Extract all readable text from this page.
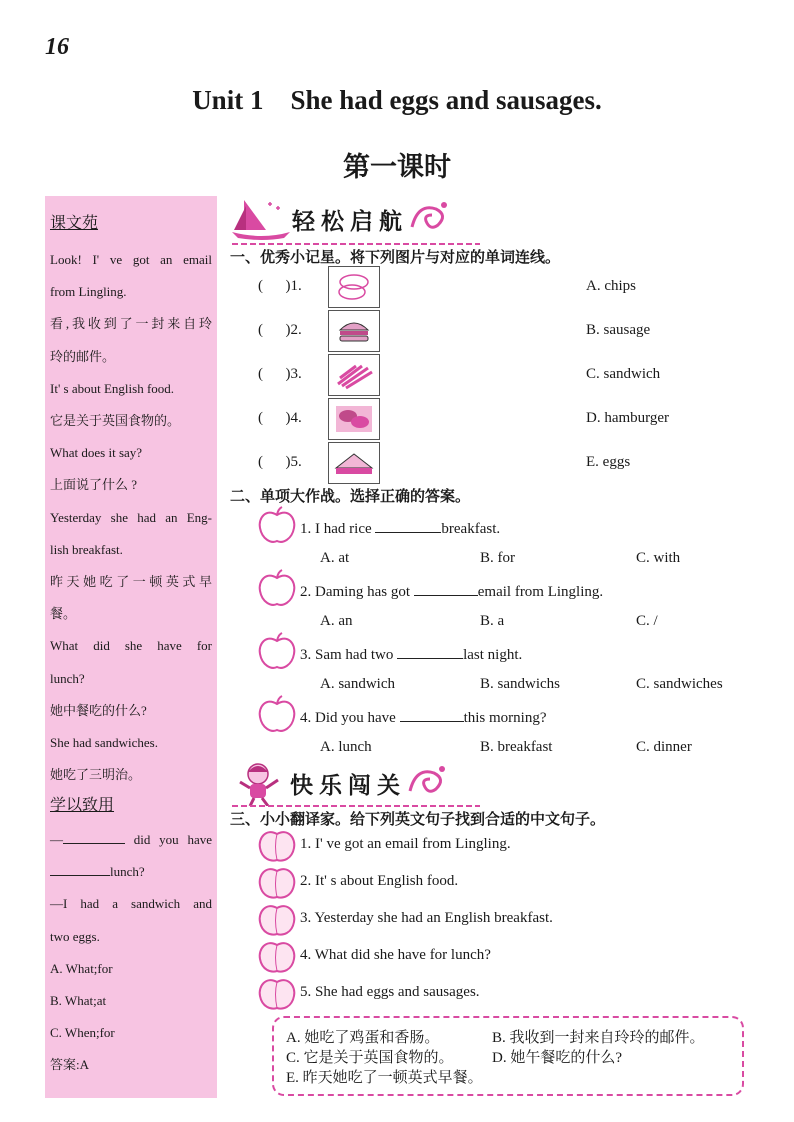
16
Unit 1    She had eggs and sausages.
第一课时
课文苑
Look! I' ve got an email
from Lingling.
看,我收到了一封来自玲
玲的邮件。
It' s about English food.
它是关于英国食物的。
What does it say?
上面说了什么 ?
Yesterday she had an Eng-
lish breakfast.
昨天她吃了一顿英式早
餐。
What did she have for
lunch?
她中餐吃的什么?
She had sandwiches.
她吃了三明治。
学以致用
—	did you have
lunch?
—I had a sandwich and
two eggs.
A. What;for
B. What;at
C. When;for
答案:A
轻松启航
一、优秀小记星。将下列图片与对应的单词连线。
(      )1.	A. chips
(      )2.	B. sausage
(      )3.	C. sandwich
(      )4.	D. hamburger
(      )5.	E. eggs
二、单项大作战。选择正确的答案。
1. I had rice	breakfast.
A. at	B. for	C. with
2. Daming has got	email from Lingling.
A. an	B. a	C. /
3. Sam had two	last night.
A. sandwich	B. sandwichs	C. sandwiches
4. Did you have	this morning?
A. lunch	B. breakfast	C. dinner
快乐闯关
三、小小翻译家。给下列英文句子找到合适的中文句子。
1. I' ve got an email from Lingling.
2. It' s about English food.
3. Yesterday she had an English breakfast.
4. What did she have for lunch?
5. She had eggs and sausages.
A. 她吃了鸡蛋和香肠。	B. 我收到一封来自玲玲的邮件。
C. 它是关于英国食物的。	D. 她午餐吃的什么?
E. 昨天她吃了一顿英式早餐。
